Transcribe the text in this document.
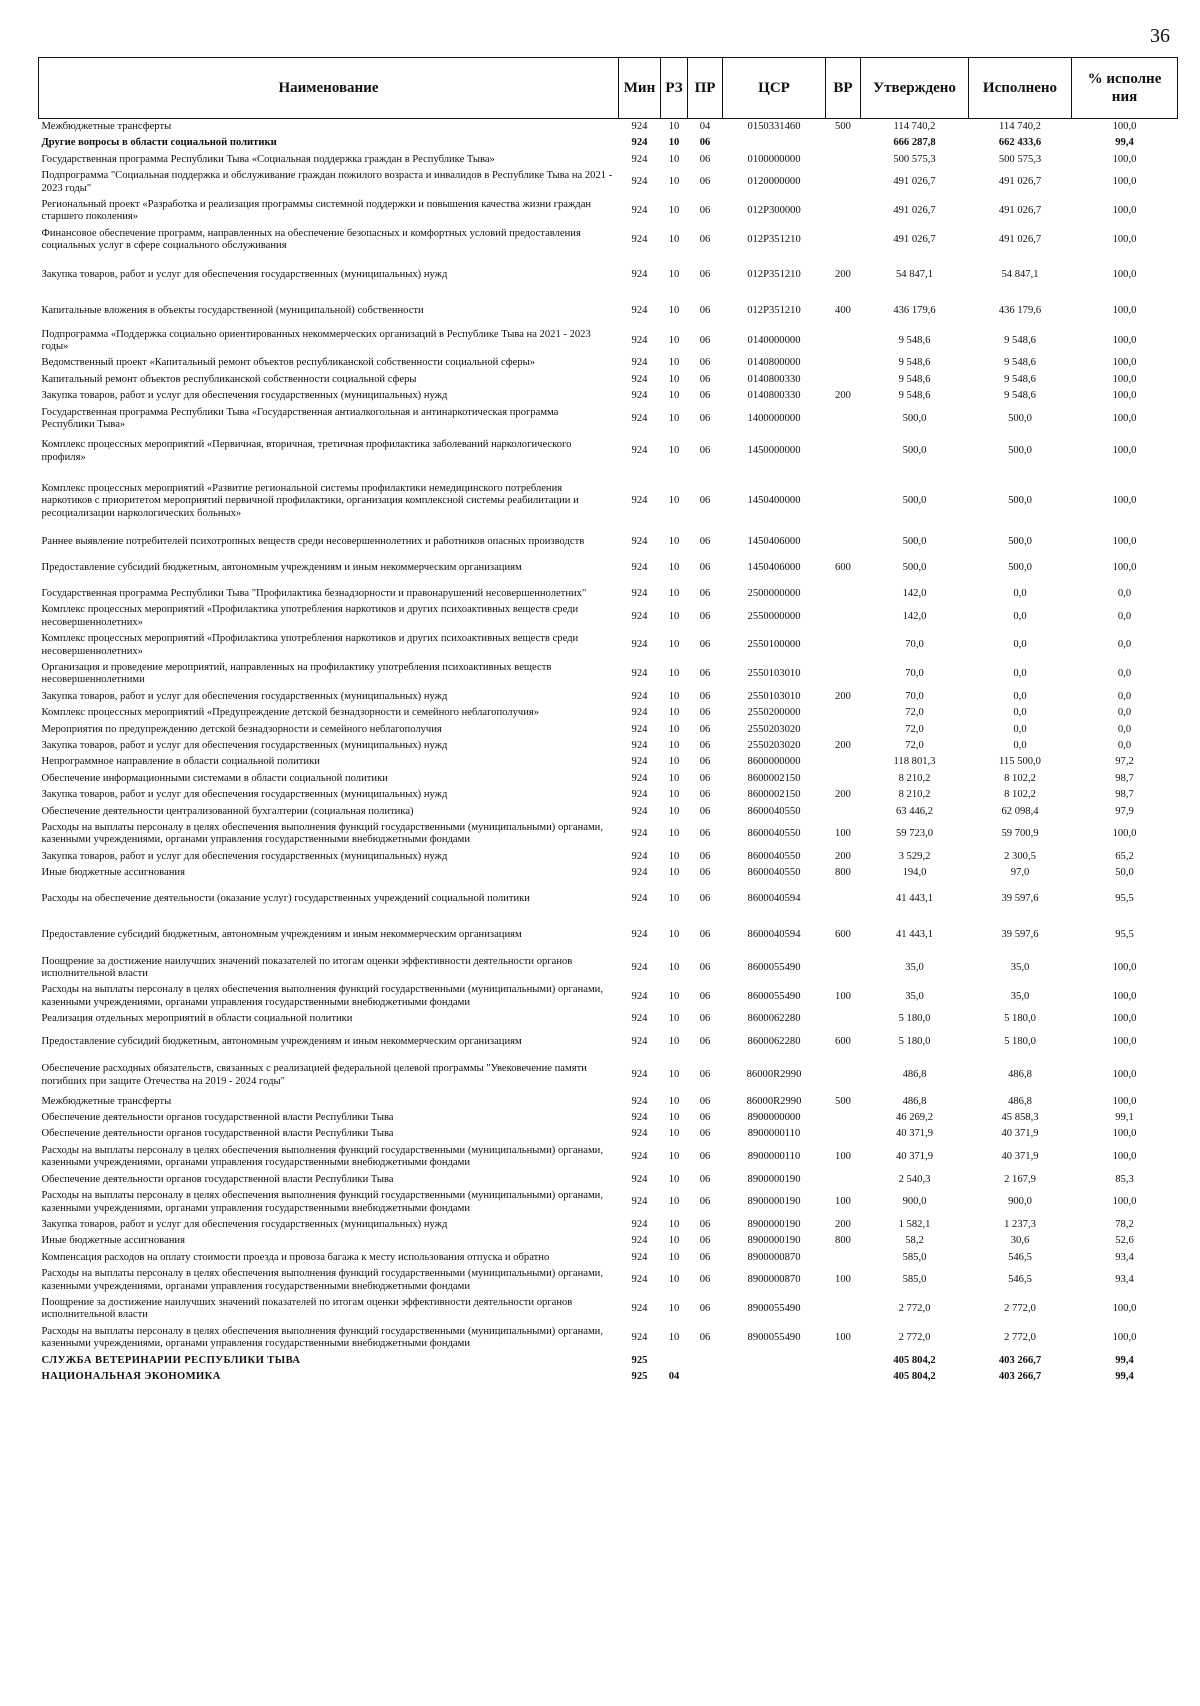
36
Наименование	Мин	РЗ	ПР	ЦСР	ВР	Утверждено	Исполнено	% исполне ния
Межбюджетные трансферты	924	10	04	0150331460	500	114 740,2	114 740,2	100,0
Другие вопросы в области социальной политики	924	10	06			666 287,8	662 433,6	99,4
Государственная программа Республики Тыва «Социальная поддержка граждан в Республике Тыва»	924	10	06	0100000000		500 575,3	500 575,3	100,0
Подпрограмма "Социальная поддержка и обслуживание граждан пожилого возраста и инвалидов в Республике Тыва на 2021 - 2023 годы"	924	10	06	0120000000		491 026,7	491 026,7	100,0
Региональный проект «Разработка и реализация программы системной поддержки и повышения качества жизни граждан старшего поколения»	924	10	06	012P300000		491 026,7	491 026,7	100,0
Финансовое обеспечение программ, направленных на обеспечение безопасных и комфортных условий предоставления социальных услуг в сфере социального обслуживания	924	10	06	012P351210		491 026,7	491 026,7	100,0
Закупка товаров, работ и услуг для обеспечения государственных (муниципальных) нужд	924	10	06	012P351210	200	54 847,1	54 847,1	100,0
Капитальные вложения в объекты государственной (муниципальной) собственности	924	10	06	012P351210	400	436 179,6	436 179,6	100,0
Подпрограмма «Поддержка социально ориентированных некоммерческих организаций в Республике Тыва на 2021 - 2023 годы»	924	10	06	0140000000		9 548,6	9 548,6	100,0
Ведомственный проект «Капитальный ремонт объектов республиканской собственности социальной сферы»	924	10	06	0140800000		9 548,6	9 548,6	100,0
Капитальный ремонт объектов республиканской собственности социальной сферы	924	10	06	0140800330		9 548,6	9 548,6	100,0
Закупка товаров, работ и услуг для обеспечения государственных (муниципальных) нужд	924	10	06	0140800330	200	9 548,6	9 548,6	100,0
Государственная программа Республики Тыва «Государственная антиалкогольная и антинаркотическая программа Республики Тыва»	924	10	06	1400000000		500,0	500,0	100,0
Комплекс процессных мероприятий «Первичная, вторичная, третичная профилактика заболеваний наркологического профиля»	924	10	06	1450000000		500,0	500,0	100,0
Комплекс процессных мероприятий «Развитие региональной системы профилактики немедицинского потребления наркотиков с приоритетом мероприятий первичной профилактики, организация комплексной системы реабилитации и ресоциализации наркологических больных»	924	10	06	1450400000		500,0	500,0	100,0
Раннее выявление потребителей психотропных веществ среди несовершеннолетних и работников опасных производств	924	10	06	1450406000		500,0	500,0	100,0
Предоставление субсидий бюджетным, автономным учреждениям и иным некоммерческим организациям	924	10	06	1450406000	600	500,0	500,0	100,0
Государственная программа Республики Тыва "Профилактика безнадзорности и правонарушений несовершеннолетних"	924	10	06	2500000000		142,0	0,0	0,0
Комплекс процессных мероприятий «Профилактика употребления наркотиков и других психоактивных веществ среди несовершеннолетних»	924	10	06	2550000000		142,0	0,0	0,0
Комплекс процессных мероприятий «Профилактика употребления наркотиков и других психоактивных веществ среди несовершеннолетних»	924	10	06	2550100000		70,0	0,0	0,0
Организация и проведение мероприятий, направленных на профилактику употребления психоактивных веществ несовершеннолетними	924	10	06	2550103010		70,0	0,0	0,0
Закупка товаров, работ и услуг для обеспечения государственных (муниципальных) нужд	924	10	06	2550103010	200	70,0	0,0	0,0
Комплекс процессных мероприятий «Предупреждение детской безнадзорности и семейного неблагополучия»	924	10	06	2550200000		72,0	0,0	0,0
Мероприятия по предупреждению детской безнадзорности и семейного неблагополучия	924	10	06	2550203020		72,0	0,0	0,0
Закупка товаров, работ и услуг для обеспечения государственных (муниципальных) нужд	924	10	06	2550203020	200	72,0	0,0	0,0
Непрограммное направление в области социальной политики	924	10	06	8600000000		118 801,3	115 500,0	97,2
Обеспечение информационными системами в области социальной политики	924	10	06	8600002150		8 210,2	8 102,2	98,7
Закупка товаров, работ и услуг для обеспечения государственных (муниципальных) нужд	924	10	06	8600002150	200	8 210,2	8 102,2	98,7
Обеспечение деятельности централизованной бухгалтерии (социальная политика)	924	10	06	8600040550		63 446,2	62 098,4	97,9
Расходы на выплаты персоналу в целях обеспечения выполнения функций государственными (муниципальными) органами, казенными учреждениями, органами управления государственными внебюджетными фондами	924	10	06	8600040550	100	59 723,0	59 700,9	100,0
Закупка товаров, работ и услуг для обеспечения государственных (муниципальных) нужд	924	10	06	8600040550	200	3 529,2	2 300,5	65,2
Иные бюджетные ассигнования	924	10	06	8600040550	800	194,0	97,0	50,0
Расходы на обеспечение деятельности (оказание услуг) государственных учреждений социальной политики	924	10	06	8600040594		41 443,1	39 597,6	95,5
Предоставление субсидий бюджетным, автономным учреждениям и иным некоммерческим организациям	924	10	06	8600040594	600	41 443,1	39 597,6	95,5
Поощрение за достижение наилучших значений показателей по итогам оценки эффективности деятельности органов исполнительной власти	924	10	06	8600055490		35,0	35,0	100,0
Расходы на выплаты персоналу в целях обеспечения выполнения функций государственными (муниципальными) органами, казенными учреждениями, органами управления государственными внебюджетными фондами	924	10	06	8600055490	100	35,0	35,0	100,0
Реализация отдельных мероприятий в области социальной политики	924	10	06	8600062280		5 180,0	5 180,0	100,0
Предоставление субсидий бюджетным, автономным учреждениям и иным некоммерческим организациям	924	10	06	8600062280	600	5 180,0	5 180,0	100,0
Обеспечение расходных обязательств, связанных с реализацией федеральной целевой программы "Увековечение памяти погибших при защите Отечества на 2019 - 2024 годы"	924	10	06	86000R2990		486,8	486,8	100,0
Межбюджетные трансферты	924	10	06	86000R2990	500	486,8	486,8	100,0
Обеспечение деятельности органов государственной власти Республики Тыва	924	10	06	8900000000		46 269,2	45 858,3	99,1
Обеспечение деятельности органов государственной власти Республики Тыва	924	10	06	8900000110		40 371,9	40 371,9	100,0
Расходы на выплаты персоналу в целях обеспечения выполнения функций государственными (муниципальными) органами, казенными учреждениями, органами управления государственными внебюджетными фондами	924	10	06	8900000110	100	40 371,9	40 371,9	100,0
Обеспечение деятельности органов государственной власти Республики Тыва	924	10	06	8900000190		2 540,3	2 167,9	85,3
Расходы на выплаты персоналу в целях обеспечения выполнения функций государственными (муниципальными) органами, казенными учреждениями, органами управления государственными внебюджетными фондами	924	10	06	8900000190	100	900,0	900,0	100,0
Закупка товаров, работ и услуг для обеспечения государственных (муниципальных) нужд	924	10	06	8900000190	200	1 582,1	1 237,3	78,2
Иные бюджетные ассигнования	924	10	06	8900000190	800	58,2	30,6	52,6
Компенсация расходов на оплату стоимости проезда и провоза багажа к месту использования отпуска и обратно	924	10	06	8900000870		585,0	546,5	93,4
Расходы на выплаты персоналу в целях обеспечения выполнения функций государственными (муниципальными) органами, казенными учреждениями, органами управления государственными внебюджетными фондами	924	10	06	8900000870	100	585,0	546,5	93,4
Поощрение за достижение наилучших значений показателей по итогам оценки эффективности деятельности органов исполнительной власти	924	10	06	8900055490		2 772,0	2 772,0	100,0
Расходы на выплаты персоналу в целях обеспечения выполнения функций государственными (муниципальными) органами, казенными учреждениями, органами управления государственными внебюджетными фондами	924	10	06	8900055490	100	2 772,0	2 772,0	100,0
СЛУЖБА ВЕТЕРИНАРИИ РЕСПУБЛИКИ ТЫВА	925					405 804,2	403 266,7	99,4
НАЦИОНАЛЬНАЯ ЭКОНОМИКА	925	04				405 804,2	403 266,7	99,4
